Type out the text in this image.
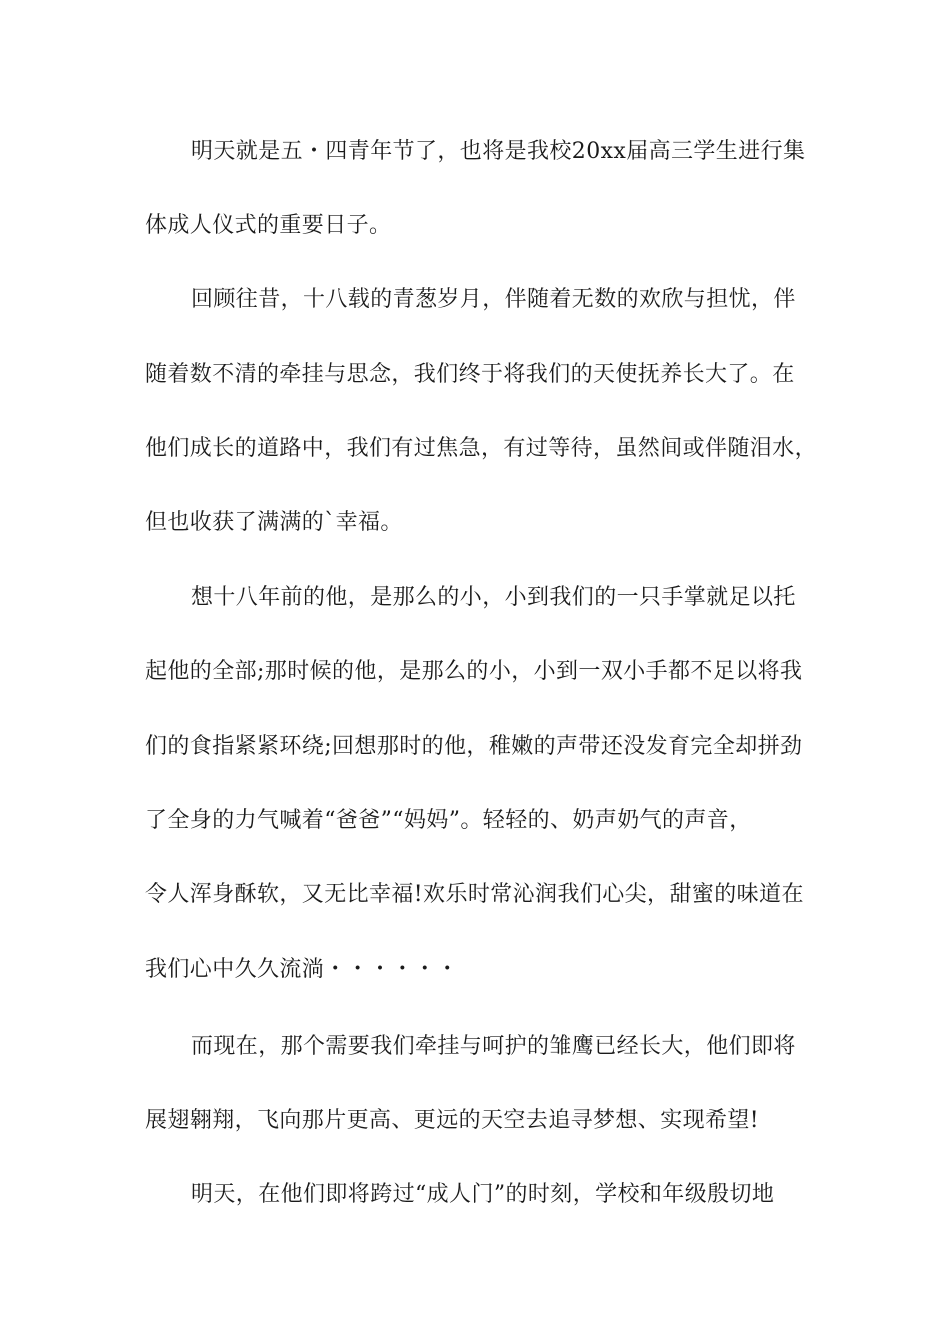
明天就是五・四青年节了，也将是我校20xx届高三学生进行集
体成人仪式的重要日子。
回顾往昔，十八载的青葱岁月，伴随着无数的欢欣与担忧，伴
随着数不清的牵挂与思念，我们终于将我们的天使抚养长大了。在
他们成长的道路中，我们有过焦急，有过等待，虽然间或伴随泪水，
但也收获了满满的`幸福。
想十八年前的他，是那么的小，小到我们的一只手掌就足以托
起他的全部;那时候的他，是那么的小，小到一双小手都不足以将我
们的食指紧紧环绕;回想那时的他，稚嫩的声带还没发育完全却拼劲
了全身的力气喊着“爸爸”“妈妈”。轻轻的、奶声奶气的声音，
令人浑身酥软，又无比幸福!欢乐时常沁润我们心尖，甜蜜的味道在
我们心中久久流淌・・・・・・
而现在，那个需要我们牵挂与呵护的雏鹰已经长大，他们即将
展翅翱翔，飞向那片更高、更远的天空去追寻梦想、实现希望!
明天，在他们即将跨过“成人门”的时刻，学校和年级殷切地
